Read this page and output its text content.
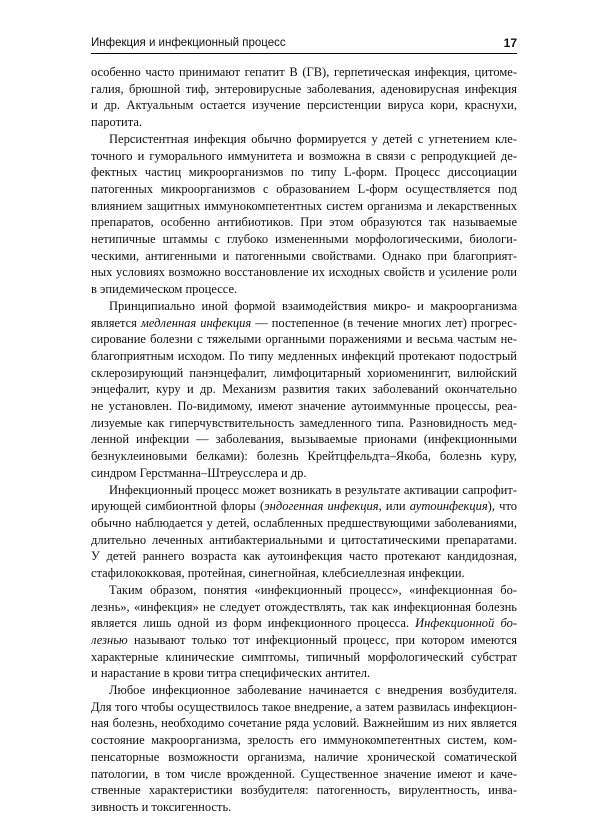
Инфекция и инфекционный процесс	17

особенно часто принимают гепатит В (ГВ), герпетическая инфекция, цитоме-
галия, брюшной тиф, энтеровирусные заболевания, аденовирусная инфекция
и др. Актуальным остается изучение персистенции вируса кори, краснухи,
паротита.

Персистентная инфекция обычно формируется у детей с угнетением кле-
точного и гуморального иммунитета и возможна в связи с репродукцией де-
фектных частиц микроорганизмов по типу L-форм. Процесс диссоциации
патогенных микроорганизмов с образованием L-форм осуществляется под
влиянием защитных иммунокомпетентных систем организма и лекарственных
препаратов, особенно антибиотиков. При этом образуются так называемые
нетипичные штаммы с глубоко измененными морфологическими, биологи-
ческими, антигенными и патогенными свойствами. Однако при благоприят-
ных условиях возможно восстановление их исходных свойств и усиление роли
в эпидемическом процессе.

Принципиально иной формой взаимодействия микро- и макроорганизма
является медленная инфекция — постепенное (в течение многих лет) прогрес-
сирование болезни с тяжелыми органными поражениями и весьма частым не-
благоприятным исходом. По типу медленных инфекций протекают подострый
склерозирующий панэнцефалит, лимфоцитарный хориоменингит, вилюйский
энцефалит, куру и др. Механизм развития таких заболеваний окончательно
не установлен. По-видимому, имеют значение аутоиммунные процессы, реа-
лизуемые как гиперчувствительность замедленного типа. Разновидность мед-
ленной инфекции — заболевания, вызываемые прионами (инфекционными
безнуклеиновыми белками): болезнь Крейтцфельдта–Якоба, болезнь куру,
синдром Герстманна–Штреусслера и др.

Инфекционный процесс может возникать в результате активации сапрофит-
ирующей симбионтной флоры (эндогенная инфекция, или аутоинфекция), что
обычно наблюдается у детей, ослабленных предшествующими заболеваниями,
длительно леченных антибактериальными и цитостатическими препаратами.
У детей раннего возраста как аутоинфекция часто протекают кандидозная,
стафилококковая, протейная, синегнойная, клебсиеллезная инфекции.

Таким образом, понятия «инфекционный процесс», «инфекционная бо-
лезнь», «инфекция» не следует отождествлять, так как инфекционная болезнь
является лишь одной из форм инфекционного процесса. Инфекционной бо-
лезнью называют только тот инфекционный процесс, при котором имеются
характерные клинические симптомы, типичный морфологический субстрат
и нарастание в крови титра специфических антител.

Любое инфекционное заболевание начинается с внедрения возбудителя.
Для того чтобы осуществилось такое внедрение, а затем развилась инфекцион-
ная болезнь, необходимо сочетание ряда условий. Важнейшим из них является
состояние макроорганизма, зрелость его иммунокомпетентных систем, ком-
пенсаторные возможности организма, наличие хронической соматической
патологии, в том числе врожденной. Существенное значение имеют и каче-
ственные характеристики возбудителя: патогенность, вирулентность, инва-
зивность и токсигенность.
